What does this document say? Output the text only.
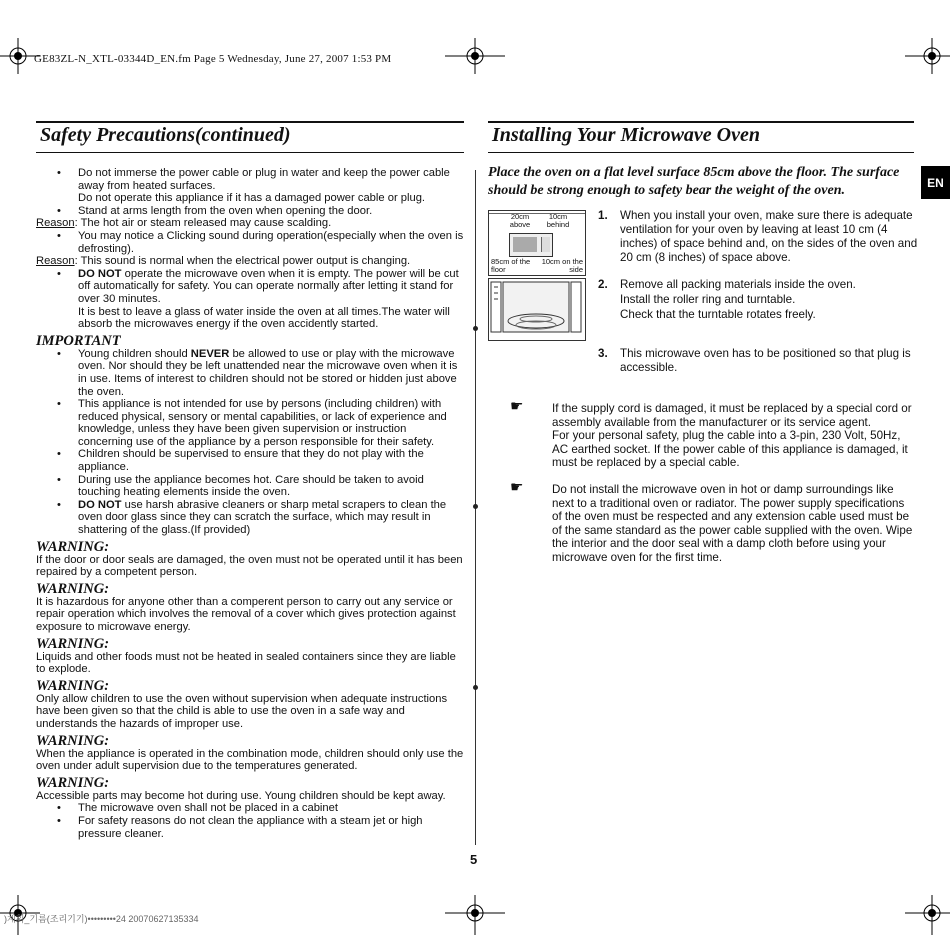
GE83ZL-N_XTL-03344D_EN.fm Page 5 Wednesday, June 27, 2007 1:53 PM
Safety Precautions(continued)	Installing Your Microwave Oven
EN

• Do not immerse the power cable or plug in water and keep the power cable away from heated surfaces.

Do not operate this appliance if it has a damaged power cable or plug.

• Stand at arms length from the oven when opening the door.

Reason: The hot air or steam released may cause scalding.

• You may notice a Clicking sound during operation(especially when the oven is defrosting).

Reason: This sound is normal when the electrical power output is changing.

• DO NOT operate the microwave oven when it is empty. The power will be cut off automatically for safety. You can operate normally after letting it stand for over 30 minutes.

It is best to leave a glass of water inside the oven at all times.The water will absorb the microwaves energy if the oven accidently started.

IMPORTANT

• Young children should NEVER be allowed to use or play with the microwave oven. Nor should they be left unattended near the microwave oven when it is in use. Items of interest to children should not be stored or hidden just above the oven.

• This appliance is not intended for use by persons (including children) with reduced physical, sensory or mental capabilities, or lack of experience and knowledge, unless they have been given supervision or instruction concerning use of the appliance by a person responsible for their safety.

• Children should be supervised to ensure that they do not play with the appliance.

• During use the appliance becomes hot. Care should be taken to avoid touching heating elements inside the oven.

• DO NOT use harsh abrasive cleaners or sharp metal scrapers to clean the oven door glass since they can scratch the surface, which may result in shattering of the glass.(If provided)

WARNING:

If the door or door seals are damaged, the oven must not be operated until it has been repaired by a competent person.

WARNING:

It is hazardous for anyone other than a comperent person to carry out any service or repair operation which involves the removal of a cover which gives protection against exposure to microwave energy.

WARNING:

Liquids and other foods must not be heated in sealed containers since they are liable to explode.

WARNING:

Only allow children to use the oven without supervision when adequate instructions have been given so that the child is able to use the oven in a safe way and understands the hazards of improper use.

WARNING:

When the appliance is operated in the combination mode, children should only use the oven under adult supervision due to the temperatures generated.

WARNING:

Accessible parts may become hot during use. Young children should be kept away.

• The microwave oven shall not be placed in a cabinet

• For safety reasons do not clean the appliance with a steam jet or high pressure cleaner.

Place the oven on a flat level surface 85cm above the floor. The surface should be strong enough to safety bear the weight of the oven.
20cm above
10cm behind
85cm of the floor
10cm on the side
1.	When you install your oven, make sure there is adequate ventilation for your oven by leaving at least 10 cm (4 inches) of space behind and, on the sides of the oven and 20 cm (8 inches) of space above.
2. Remove all packing materials inside the oven.
Install the roller ring and turntable.
Check that the turntable rotates freely.
3.	This microwave oven has to be positioned so that plug is accessible.
☛ If the supply cord is damaged, it must be replaced by a special cord or assembly available from the manufacturer or its service agent.
For your personal safety, plug the cable into a 3-pin, 230 Volt, 50Hz, AC earthed socket. If the power cable of this appliance is damaged, it must be replaced by a special cable.
☛	Do not install the microwave oven in hot or damp surroundings like next to a traditional oven or radiator. The power supply specifications of the oven must be respected and any extension cable used must be of the same standard as the power cable supplied with the oven. Wipe the interior and the door seal with a damp cloth before using your microwave oven for the first time.
5
)계획_기름(조리기기)•••••••••24 20070627135334
